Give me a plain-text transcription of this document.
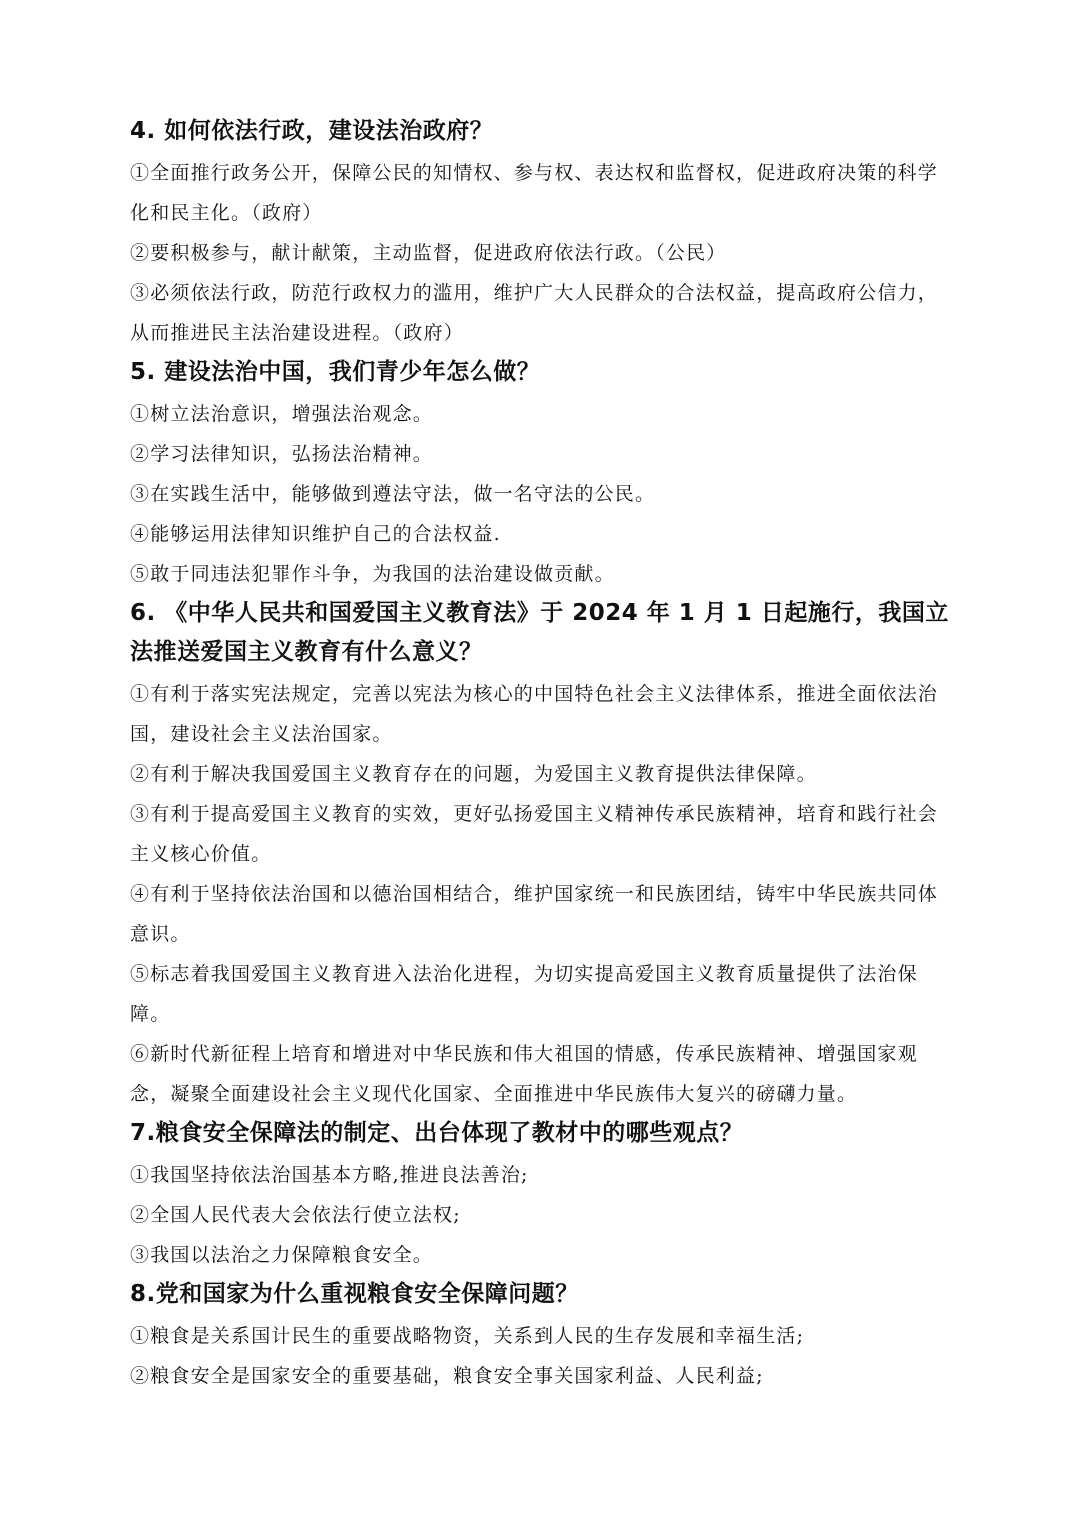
4. 如何依法行政，建设法治政府？

①全面推行政务公开，保障公民的知情权、参与权、表达权和监督权，促进政府决策的科学化和民主化。（政府）

②要积极参与，献计献策，主动监督，促进政府依法行政。（公民）

③必须依法行政，防范行政权力的滥用，维护广大人民群众的合法权益，提高政府公信力，从而推进民主法治建设进程。（政府）

5. 建设法治中国，我们青少年怎么做？

①树立法治意识，增强法治观念。

②学习法律知识，弘扬法治精神。

③在实践生活中，能够做到遵法守法，做一名守法的公民。

④能够运用法律知识维护自己的合法权益.

⑤敢于同违法犯罪作斗争，为我国的法治建设做贡献。

6. 《中华人民共和国爱国主义教育法》于 2024 年 1 月 1 日起施行，我国立法推送爱国主义教育有什么意义？

①有利于落实宪法规定，完善以宪法为核心的中国特色社会主义法律体系，推进全面依法治国，建设社会主义法治国家。

②有利于解决我国爱国主义教育存在的问题，为爱国主义教育提供法律保障。

③有利于提高爱国主义教育的实效，更好弘扬爱国主义精神传承民族精神，培育和践行社会主义核心价值。

④有利于坚持依法治国和以德治国相结合，维护国家统一和民族团结，铸牢中华民族共同体意识。

⑤标志着我国爱国主义教育进入法治化进程，为切实提高爱国主义教育质量提供了法治保障。

⑥新时代新征程上培育和增进对中华民族和伟大祖国的情感，传承民族精神、增强国家观念，凝聚全面建设社会主义现代化国家、全面推进中华民族伟大复兴的磅礴力量。

7.粮食安全保障法的制定、出台体现了教材中的哪些观点？

①我国坚持依法治国基本方略,推进良法善治;

②全国人民代表大会依法行使立法权;

③我国以法治之力保障粮食安全。

8.党和国家为什么重视粮食安全保障问题？

①粮食是关系国计民生的重要战略物资，关系到人民的生存发展和幸福生活;

②粮食安全是国家安全的重要基础，粮食安全事关国家利益、人民利益;
